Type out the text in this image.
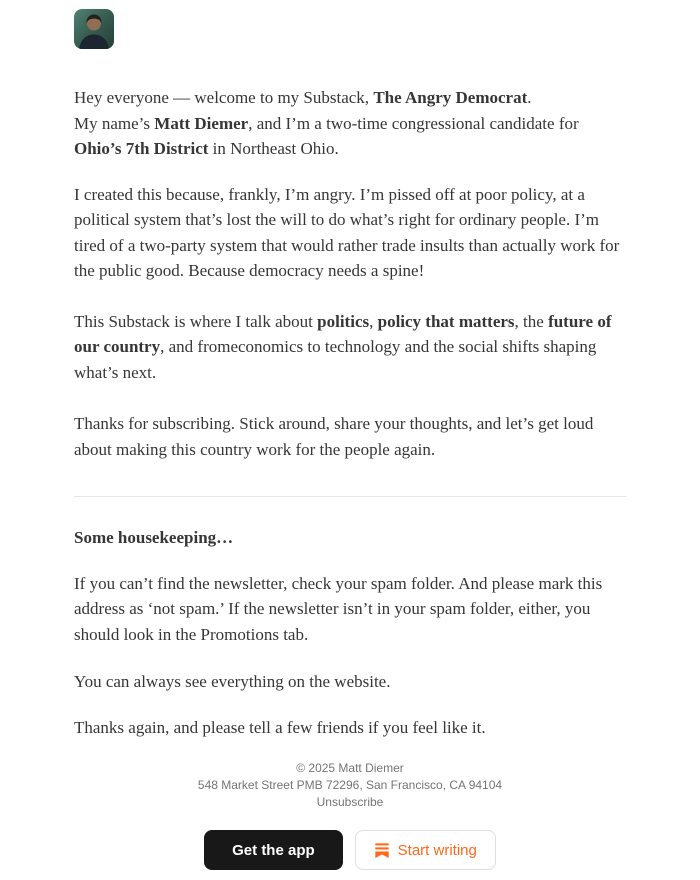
Hey everyone — welcome to my Substack, The Angry Democrat.
My name’s Matt Diemer, and I’m a two-time congressional candidate for Ohio’s 7th District in Northeast Ohio.

I created this because, frankly, I’m angry. I’m pissed off at poor policy, at a political system that’s lost the will to do what’s right for ordinary people. I’m tired of a two-party system that would rather trade insults than actually work for the public good. Because democracy needs a spine!

This Substack is where I talk about politics, policy that matters, the future of our country, and fromeconomics to technology and the social shifts shaping what’s next.

Thanks for subscribing. Stick around, share your thoughts, and let’s get loud about making this country work for the people again.

Some housekeeping…

If you can’t find the newsletter, check your spam folder. And please mark this address as ‘not spam.’ If the newsletter isn’t in your spam folder, either, you should look in the Promotions tab.

You can always see everything on the website.

Thanks again, and please tell a few friends if you feel like it.

© 2025 Matt Diemer
548 Market Street PMB 72296, San Francisco, CA 94104
Unsubscribe
Get the app	Start writing
